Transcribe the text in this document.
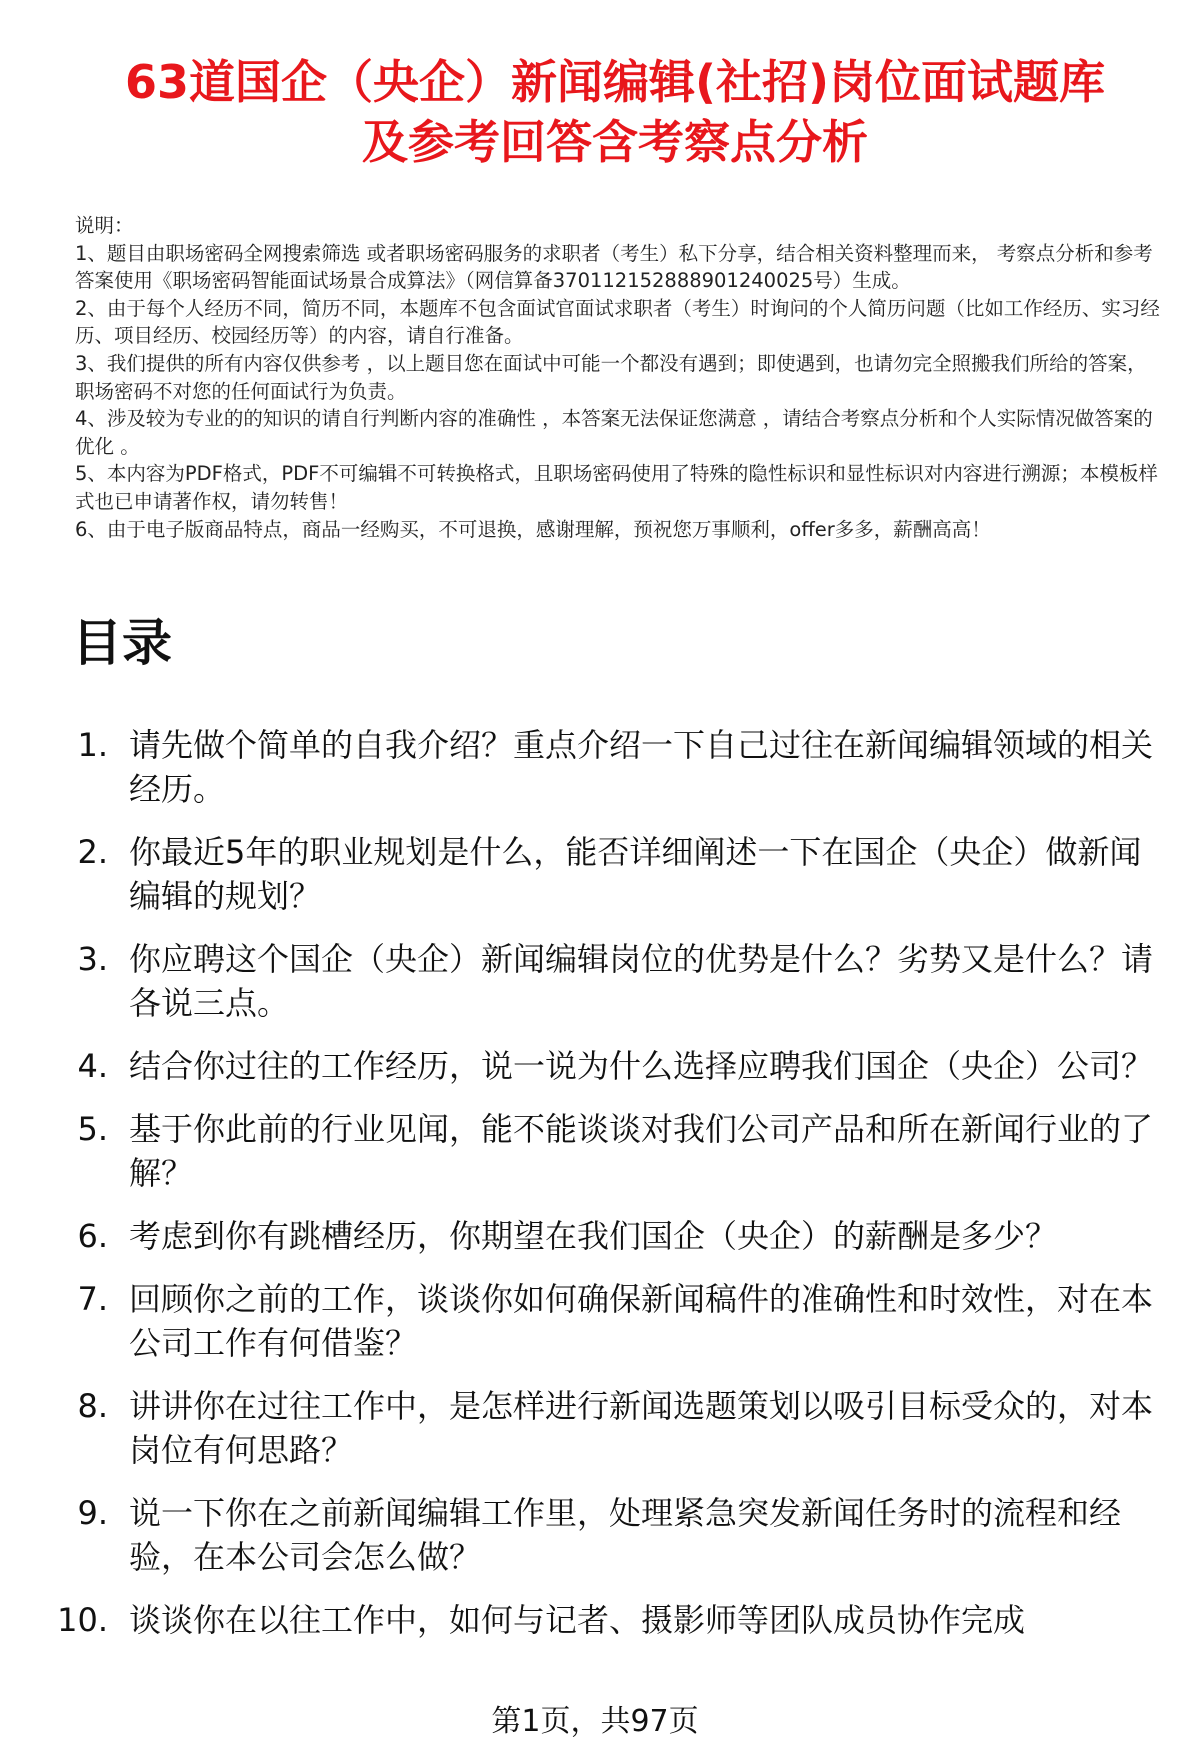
63道国企（央企）新闻编辑(社招)岗位面试题库
及参考回答含考察点分析

说明：

1、题目由职场密码全网搜索筛选 或者职场密码服务的求职者（考生）私下分享，结合相关资料整理而来， 考察点分析和参考答案使用《职场密码智能面试场景合成算法》（网信算备370112152888901240025号）生成。

2、由于每个人经历不同，简历不同，本题库不包含面试官面试求职者（考生）时询问的个人简历问题（比如工作经历、实习经历、项目经历、校园经历等）的内容，请自行准备。

3、我们提供的所有内容仅供参考 ，以上题目您在面试中可能一个都没有遇到；即使遇到，也请勿完全照搬我们所给的答案，职场密码不对您的任何面试行为负责。

4、涉及较为专业的的知识的请自行判断内容的准确性 ，本答案无法保证您满意 ，请结合考察点分析和个人实际情况做答案的优化 。

5、本内容为PDF格式，PDF不可编辑不可转换格式，且职场密码使用了特殊的隐性标识和显性标识对内容进行溯源；本模板样式也已申请著作权，请勿转售！

6、由于电子版商品特点，商品一经购买，不可退换，感谢理解，预祝您万事顺利，offer多多，薪酬高高！

目录
1. 请先做个简单的自我介绍？重点介绍一下自己过往在新闻编辑领域的相关经历。
2. 你最近5年的职业规划是什么，能否详细阐述一下在国企（央企）做新闻编辑的规划？
3. 你应聘这个国企（央企）新闻编辑岗位的优势是什么？劣势又是什么？请各说三点。
4. 结合你过往的工作经历，说一说为什么选择应聘我们国企（央企）公司？
5. 基于你此前的行业见闻，能不能谈谈对我们公司产品和所在新闻行业的了解？
6. 考虑到你有跳槽经历，你期望在我们国企（央企）的薪酬是多少？
7. 回顾你之前的工作，谈谈你如何确保新闻稿件的准确性和时效性，对在本公司工作有何借鉴？
8. 讲讲你在过往工作中，是怎样进行新闻选题策划以吸引目标受众的，对本岗位有何思路？
9. 说一下你在之前新闻编辑工作里，处理紧急突发新闻任务时的流程和经验，在本公司会怎么做？
10. 谈谈你在以往工作中，如何与记者、摄影师等团队成员协作完成
第1页，共97页
